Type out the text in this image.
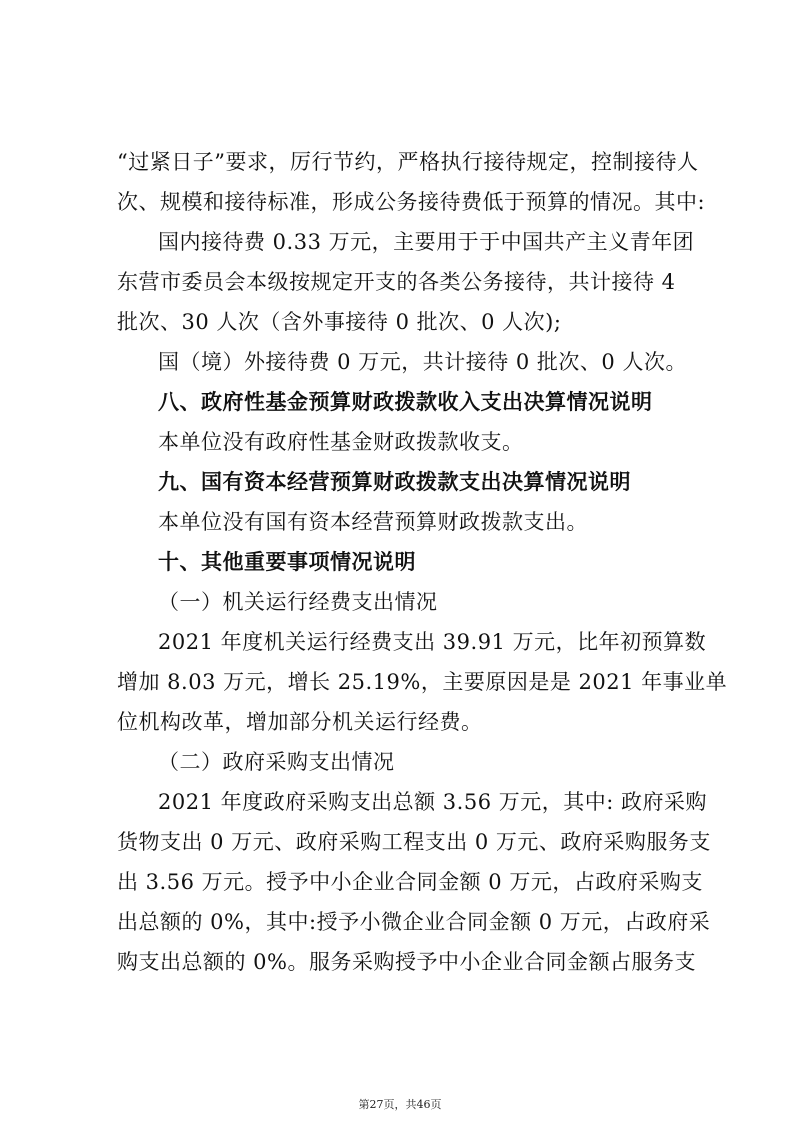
“过紧日子”要求，厉行节约，严格执行接待规定，控制接待人
次、规模和接待标准，形成公务接待费低于预算的情况。其中:
国内接待费 0.33 万元，主要用于于中国共产主义青年团
东营市委员会本级按规定开支的各类公务接待，共计接待 4
批次、30 人次（含外事接待 0 批次、0 人次);
国（境）外接待费 0 万元，共计接待 0 批次、0 人次。
八、政府性基金预算财政拨款收入支出决算情况说明
本单位没有政府性基金财政拨款收支。
九、国有资本经营预算财政拨款支出决算情况说明
本单位没有国有资本经营预算财政拨款支出。
十、其他重要事项情况说明
（一）机关运行经费支出情况
2021 年度机关运行经费支出 39.91 万元，比年初预算数
增加 8.03 万元，增长 25.19%，主要原因是是 2021 年事业单
位机构改革，增加部分机关运行经费。
（二）政府采购支出情况
2021 年度政府采购支出总额 3.56 万元，其中: 政府采购
货物支出 0 万元、政府采购工程支出 0 万元、政府采购服务支
出 3.56 万元。授予中小企业合同金额 0 万元，占政府采购支
出总额的 0%，其中:授予小微企业合同金额 0 万元，占政府采
购支出总额的 0%。服务采购授予中小企业合同金额占服务支
第27页，共46页
